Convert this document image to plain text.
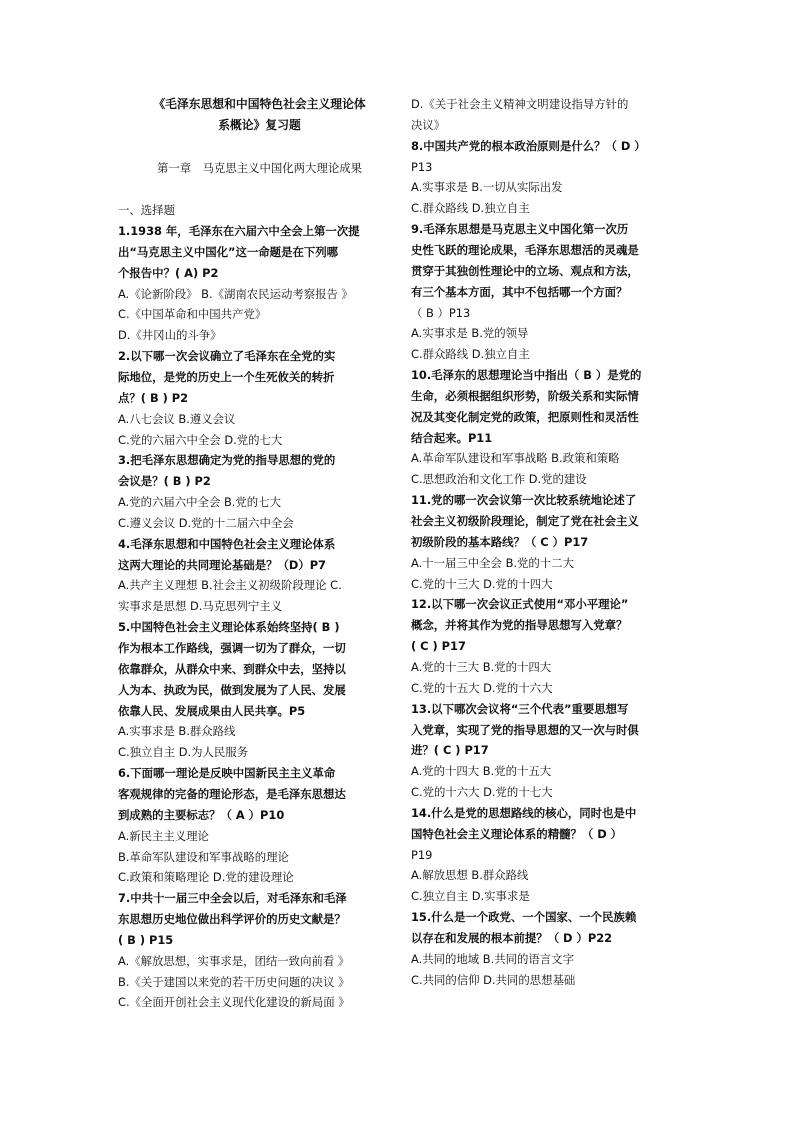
《毛泽东思想和中国特色社会主义理论体
系概论》复习题
第一章　马克思主义中国化两大理论成果
一、选择题
1.1938 年，毛泽东在六届六中全会上第一次提
出“马克思主义中国化”这一命题是在下列哪
个报告中？( A) P2
A.《论新阶段》 B.《湖南农民运动考察报告 》
C.《中国革命和中国共产党》
D.《井冈山的斗争》
2.以下哪一次会议确立了毛泽东在全党的实
际地位，是党的历史上一个生死攸关的转折
点？( B ) P2
A.八七会议 B.遵义会议
C.党的六届六中全会 D.党的七大
3.把毛泽东思想确定为党的指导思想的党的
会议是？( B ) P2
A.党的六届六中全会 B.党的七大
C.遵义会议 D.党的十二届六中全会
4.毛泽东思想和中国特色社会主义理论体系
这两大理论的共同理论基础是？（D）P7
A.共产主义理想 B.社会主义初级阶段理论 C.
实事求是思想 D.马克思列宁主义
5.中国特色社会主义理论体系始终坚持( B )
作为根本工作路线，强调一切为了群众，一切
依靠群众，从群众中来、到群众中去，坚持以
人为本、执政为民，做到发展为了人民、发展
依靠人民、发展成果由人民共享。P5
A.实事求是 B.群众路线
C.独立自主 D.为人民服务
6.下面哪一理论是反映中国新民主主义革命
客观规律的完备的理论形态，是毛泽东思想达
到成熟的主要标志？（ A ）P10
A.新民主主义理论
B.革命军队建设和军事战略的理论
C.政策和策略理论 D.党的建设理论
7.中共十一届三中全会以后，对毛泽东和毛泽
东思想历史地位做出科学评价的历史文献是？
( B ) P15
A.《解放思想，实事求是，团结一致向前看 》
B.《关于建国以来党的若干历史问题的决议 》
C.《全面开创社会主义现代化建设的新局面 》
D.《关于社会主义精神文明建设指导方针的
决议》
8.中国共产党的根本政治原则是什么？（ D ）
P13
A.实事求是 B.一切从实际出发
C.群众路线 D.独立自主
9.毛泽东思想是马克思主义中国化第一次历
史性飞跃的理论成果，毛泽东思想活的灵魂是
贯穿于其独创性理论中的立场、观点和方法，
有三个基本方面，其中不包括哪一个方面？
（ B ）P13
A.实事求是 B.党的领导
C.群众路线 D.独立自主
10.毛泽东的思想理论当中指出（ B ）是党的
生命，必须根据组织形势，阶级关系和实际情
况及其变化制定党的政策，把原则性和灵活性
结合起来。P11
A.革命军队建设和军事战略 B.政策和策略
C.思想政治和文化工作 D.党的建设
11.党的哪一次会议第一次比较系统地论述了
社会主义初级阶段理论，制定了党在社会主义
初级阶段的基本路线？（ C ）P17
A.十一届三中全会 B.党的十二大
C.党的十三大 D.党的十四大
12.以下哪一次会议正式使用“邓小平理论”
概念，并将其作为党的指导思想写入党章？
( C ) P17
A.党的十三大 B.党的十四大
C.党的十五大 D.党的十六大
13.以下哪次会议将“三个代表”重要思想写
入党章，实现了党的指导思想的又一次与时俱
进？( C ) P17
A.党的十四大 B.党的十五大
C.党的十六大 D.党的十七大
14.什么是党的思想路线的核心，同时也是中
国特色社会主义理论体系的精髓？（ D ）
P19
A.解放思想 B.群众路线
C.独立自主 D.实事求是
15.什么是一个政党、一个国家、一个民族赖
以存在和发展的根本前提？（ D ）P22
A.共同的地域 B.共同的语言文字
C.共同的信仰 D.共同的思想基础
